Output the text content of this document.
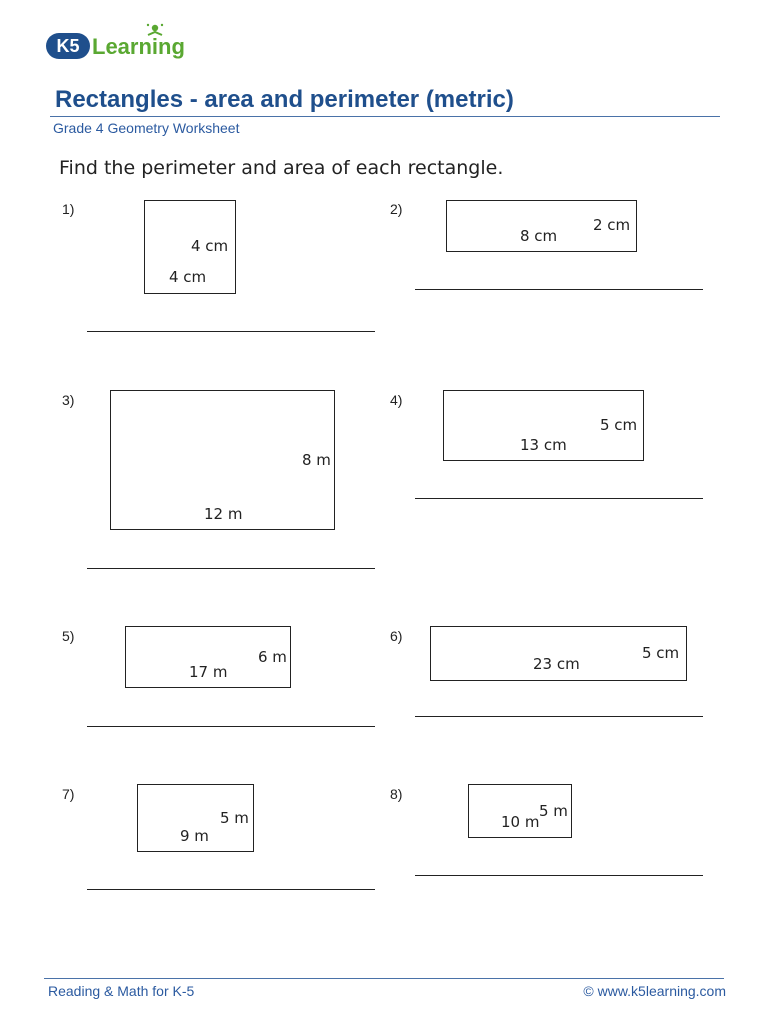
K5 Learning
Rectangles - area and perimeter (metric)
Grade 4 Geometry Worksheet
Find the perimeter and area of each rectangle.
1)
4 cm
4 cm
2)
2 cm
8 cm
3)
8 m
12 m
4)
5 cm
13 cm
5)
6 m
17 m
6)
5 cm
23 cm
7)
5 m
9 m
8)
5 m
10 m
Reading & Math for K-5	© www.k5learning.com
